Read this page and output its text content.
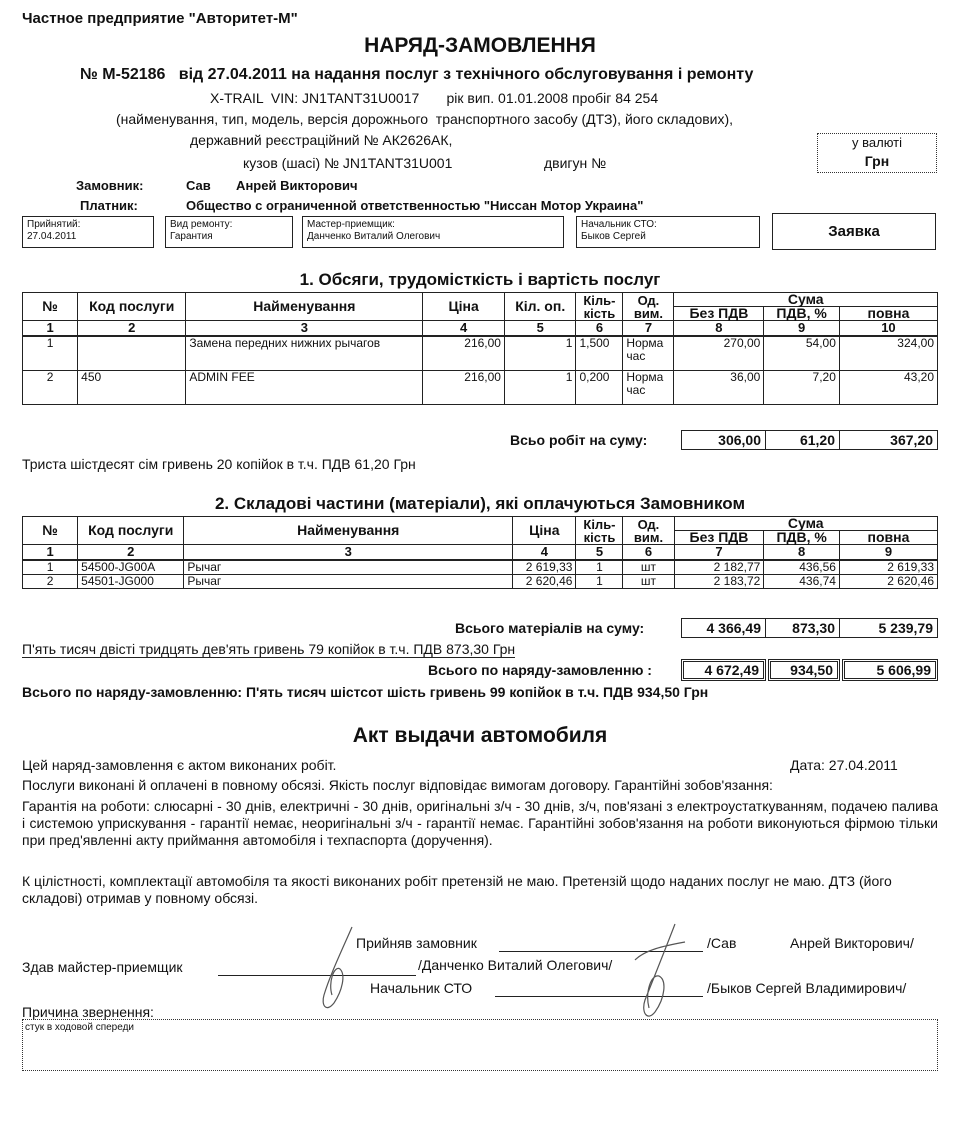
Частное предприятие "Авторитет-М"
НАРЯД-ЗАМОВЛЕННЯ
№ М-52186   від 27.04.2011 на надання послуг з технічного обслуговування і ремонту
X-TRAIL  VIN: JN1TANT31U0017       рік вип. 01.01.2008 пробіг 84 254
(найменування, тип, модель, версія дорожнього  транспортного засобу (ДТЗ), його складових),
державний реєстраційний № АК2626АК,
кузов (шасі) № JN1TANT31U001	двигун №
у валюті
Грн
Замовник:	Сав       Анрей Викторович
Платник:	Общество с ограниченной ответственностью "Ниссан Мотор Украина"
Прийнятий:
27.04.2011
Вид ремонту:
Гарантия
Мастер-приемщик:
Данченко Виталий Олегович
Начальник СТО:
Быков Сергей	Заявка
1. Обсяги, трудомісткість і вартість послуг
№	Код послуги	Найменування	Ціна	Кіл. оп.	Кіль-кість	Од. вим.	Сума		
							Без ПДВ	ПДВ, %	повна
1	2	3	4	5	6	7	8	9	10
1		Замена передних нижних рычагов	216,00	1	1,500	Норма час	270,00	54,00	324,00
2	450	ADMIN FEE	216,00	1	0,200	Норма час	36,00	7,20	43,20
Всьо робіт на суму:	306,00	61,20	367,20
Триста шістдесят сім гривень 20 копійок в т.ч. ПДВ 61,20 Грн
2. Складові частини (матеріали), які оплачуються Замовником
№	Код послуги	Найменування	Ціна	Кіль-кість	Од. вим.	Сума		
						Без ПДВ	ПДВ, %	повна
1	2	3	4	5	6	7	8	9
1	54500-JG00A	Рычаг	2 619,33	1	шт	2 182,77	436,56	2 619,33
2	54501-JG000	Рычаг	2 620,46	1	шт	2 183,72	436,74	2 620,46
Всього матеріалів на суму:	4 366,49	873,30	5 239,79
П'ять тисяч двісті тридцять дев'ять гривень 79 копійок в т.ч. ПДВ 873,30 Грн
Всього по наряду-замовленню :	4 672,49	934,50	5 606,99
Всього по наряду-замовленню: П'ять тисяч шістсот шість гривень 99 копійок в т.ч. ПДВ 934,50 Грн
Акт выдачи автомобиля
Цей наряд-замовлення є актом виконаних робіт.	Дата: 27.04.2011
Послуги виконані й оплачені в повному обсязі. Якість послуг відповідає вимогам договору. Гарантійні зобов'язання:
Гарантія на роботи: слюсарні - 30 днів, електричні - 30 днів, оригінальні з/ч - 30 днів, з/ч, пов'язані з електроустаткуванням, подачею палива і системою уприскування - гарантії немає, неоригінальні з/ч - гарантії немає. Гарантійні зобов'язання на роботи виконуються фірмою тільки при пред'явленні акту приймання автомобіля і техпаспорта (доручення).
К цілістності, комплектації автомобіля та якості виконаних робіт претензій не маю. Претензій щодо наданих послуг не маю. ДТЗ (його складові) отримав у повному обсязі.
Прийняв замовник	/Сав	Анрей Викторович/
Здав майстер-приемщик	/Данченко Виталий Олегович/
Начальник СТО	/Быков Сергей Владимирович/
Причина звернення:
стук в ходовой спереди
